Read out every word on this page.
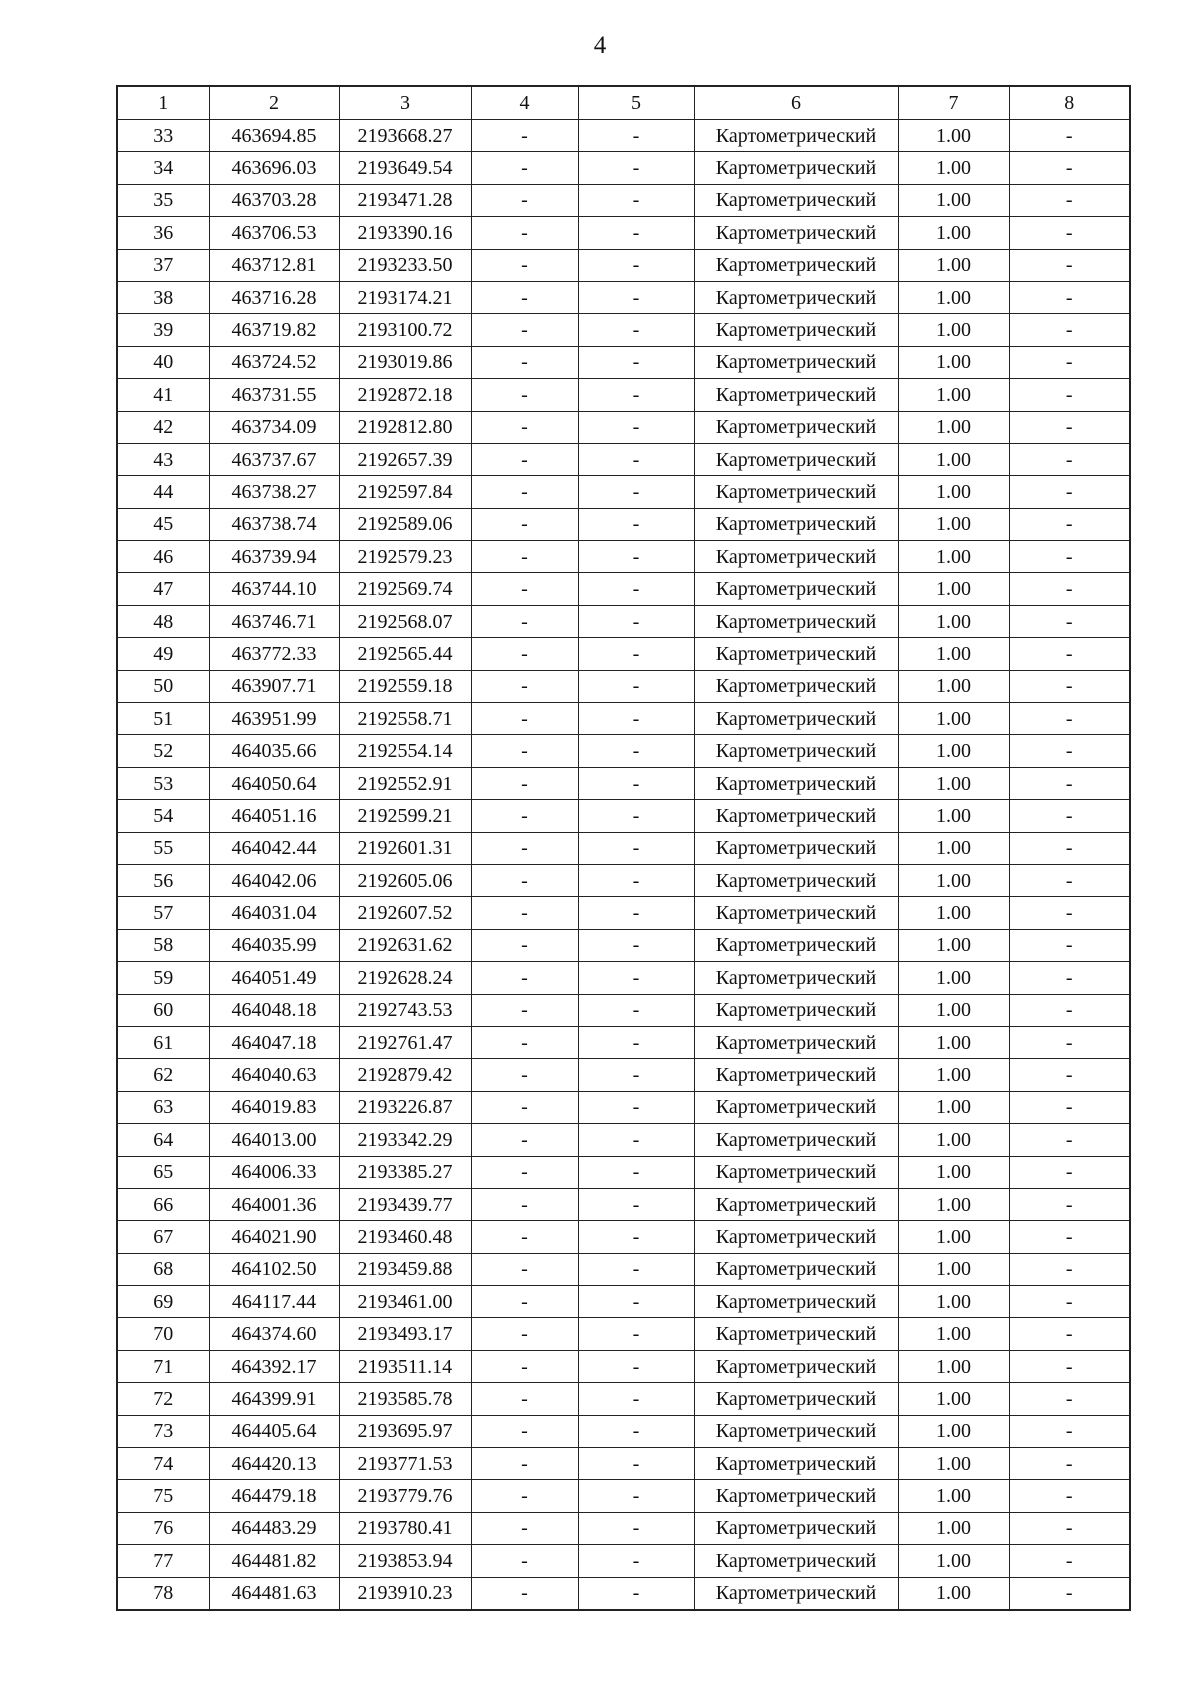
4
1	2	3	4	5	6	7	8
33	463694.85	2193668.27	-	-	Картометрический	1.00	-
34	463696.03	2193649.54	-	-	Картометрический	1.00	-
35	463703.28	2193471.28	-	-	Картометрический	1.00	-
36	463706.53	2193390.16	-	-	Картометрический	1.00	-
37	463712.81	2193233.50	-	-	Картометрический	1.00	-
38	463716.28	2193174.21	-	-	Картометрический	1.00	-
39	463719.82	2193100.72	-	-	Картометрический	1.00	-
40	463724.52	2193019.86	-	-	Картометрический	1.00	-
41	463731.55	2192872.18	-	-	Картометрический	1.00	-
42	463734.09	2192812.80	-	-	Картометрический	1.00	-
43	463737.67	2192657.39	-	-	Картометрический	1.00	-
44	463738.27	2192597.84	-	-	Картометрический	1.00	-
45	463738.74	2192589.06	-	-	Картометрический	1.00	-
46	463739.94	2192579.23	-	-	Картометрический	1.00	-
47	463744.10	2192569.74	-	-	Картометрический	1.00	-
48	463746.71	2192568.07	-	-	Картометрический	1.00	-
49	463772.33	2192565.44	-	-	Картометрический	1.00	-
50	463907.71	2192559.18	-	-	Картометрический	1.00	-
51	463951.99	2192558.71	-	-	Картометрический	1.00	-
52	464035.66	2192554.14	-	-	Картометрический	1.00	-
53	464050.64	2192552.91	-	-	Картометрический	1.00	-
54	464051.16	2192599.21	-	-	Картометрический	1.00	-
55	464042.44	2192601.31	-	-	Картометрический	1.00	-
56	464042.06	2192605.06	-	-	Картометрический	1.00	-
57	464031.04	2192607.52	-	-	Картометрический	1.00	-
58	464035.99	2192631.62	-	-	Картометрический	1.00	-
59	464051.49	2192628.24	-	-	Картометрический	1.00	-
60	464048.18	2192743.53	-	-	Картометрический	1.00	-
61	464047.18	2192761.47	-	-	Картометрический	1.00	-
62	464040.63	2192879.42	-	-	Картометрический	1.00	-
63	464019.83	2193226.87	-	-	Картометрический	1.00	-
64	464013.00	2193342.29	-	-	Картометрический	1.00	-
65	464006.33	2193385.27	-	-	Картометрический	1.00	-
66	464001.36	2193439.77	-	-	Картометрический	1.00	-
67	464021.90	2193460.48	-	-	Картометрический	1.00	-
68	464102.50	2193459.88	-	-	Картометрический	1.00	-
69	464117.44	2193461.00	-	-	Картометрический	1.00	-
70	464374.60	2193493.17	-	-	Картометрический	1.00	-
71	464392.17	2193511.14	-	-	Картометрический	1.00	-
72	464399.91	2193585.78	-	-	Картометрический	1.00	-
73	464405.64	2193695.97	-	-	Картометрический	1.00	-
74	464420.13	2193771.53	-	-	Картометрический	1.00	-
75	464479.18	2193779.76	-	-	Картометрический	1.00	-
76	464483.29	2193780.41	-	-	Картометрический	1.00	-
77	464481.82	2193853.94	-	-	Картометрический	1.00	-
78	464481.63	2193910.23	-	-	Картометрический	1.00	-
